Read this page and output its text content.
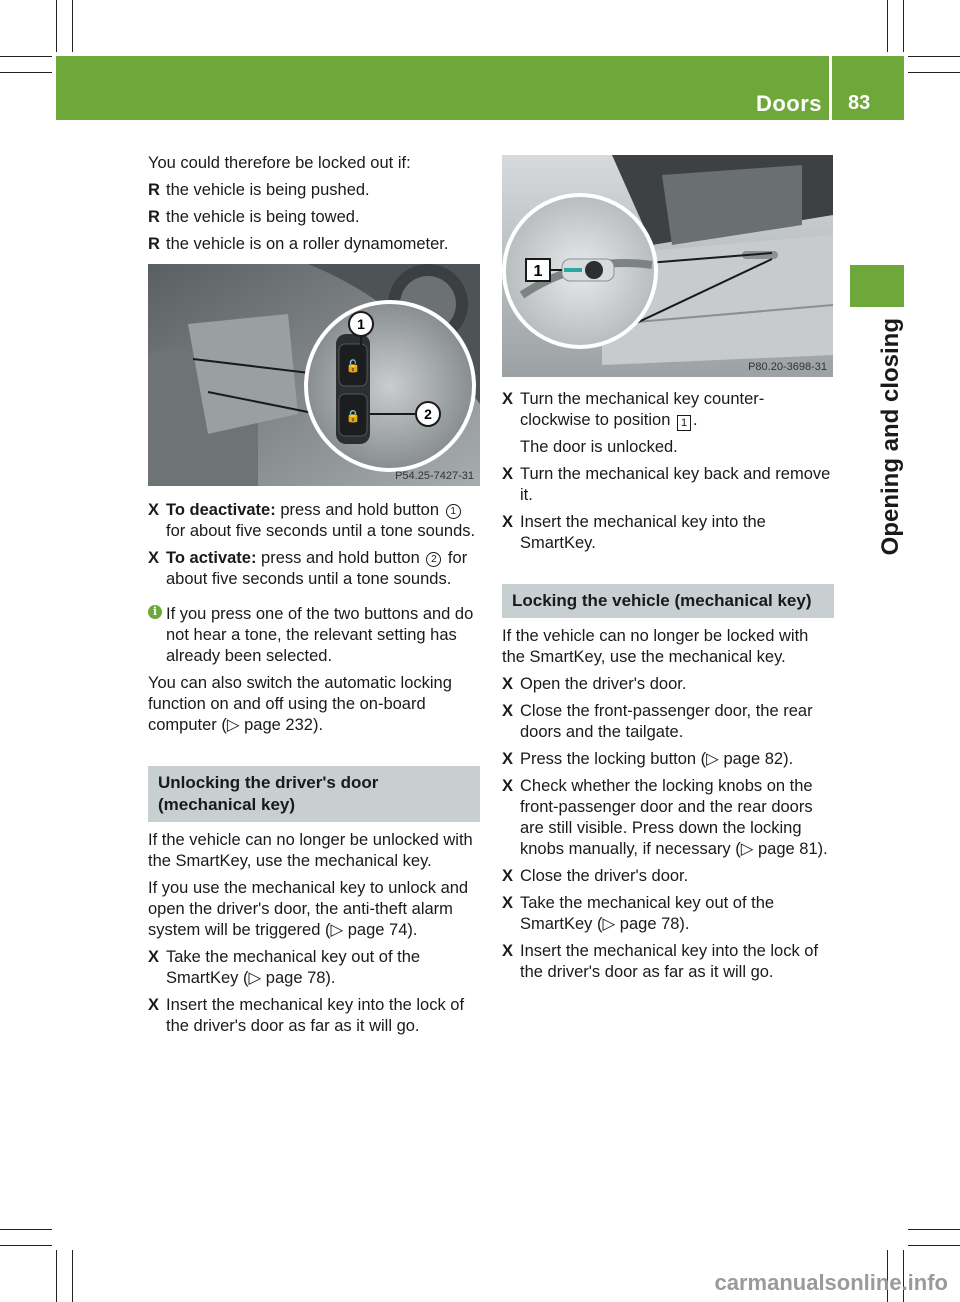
Doors 83
Opening and closing

You could therefore be locked out if:

R the vehicle is being pushed.
R the vehicle is being towed.
R the vehicle is on a roller dynamometer.
🔓
🔒
1
2
P54.25-7427-31
X To deactivate: press and hold button 1 for about five seconds until a tone sounds.
X To activate: press and hold button 2 for about five seconds until a tone sounds.
i If you press one of the two buttons and do not hear a tone, the relevant setting has already been selected.

You can also switch the automatic locking function on and off using the on-board computer (▷ page 232).

Unlocking the driver's door (mechanical key)

If the vehicle can no longer be unlocked with the SmartKey, use the mechanical key.

If you use the mechanical key to unlock and open the driver's door, the anti-theft alarm system will be triggered (▷ page 74).

X Take the mechanical key out of the SmartKey (▷ page 78).
X Insert the mechanical key into the lock of the driver's door as far as it will go.
1
P80.20-3698-31
X Turn the mechanical key counter-clockwise to position 1 .

The door is unlocked.

X Turn the mechanical key back and remove it.
X Insert the mechanical key into the SmartKey.
Locking the vehicle (mechanical key)

If the vehicle can no longer be locked with the SmartKey, use the mechanical key.

X Open the driver's door.
X Close the front-passenger door, the rear doors and the tailgate.
X Press the locking button (▷ page 82).
X Check whether the locking knobs on the front-passenger door and the rear doors are still visible. Press down the locking knobs manually, if necessary (▷ page 81).
X Close the driver's door.
X Take the mechanical key out of the SmartKey (▷ page 78).
X Insert the mechanical key into the lock of the driver's door as far as it will go.
carmanualsonline.info
